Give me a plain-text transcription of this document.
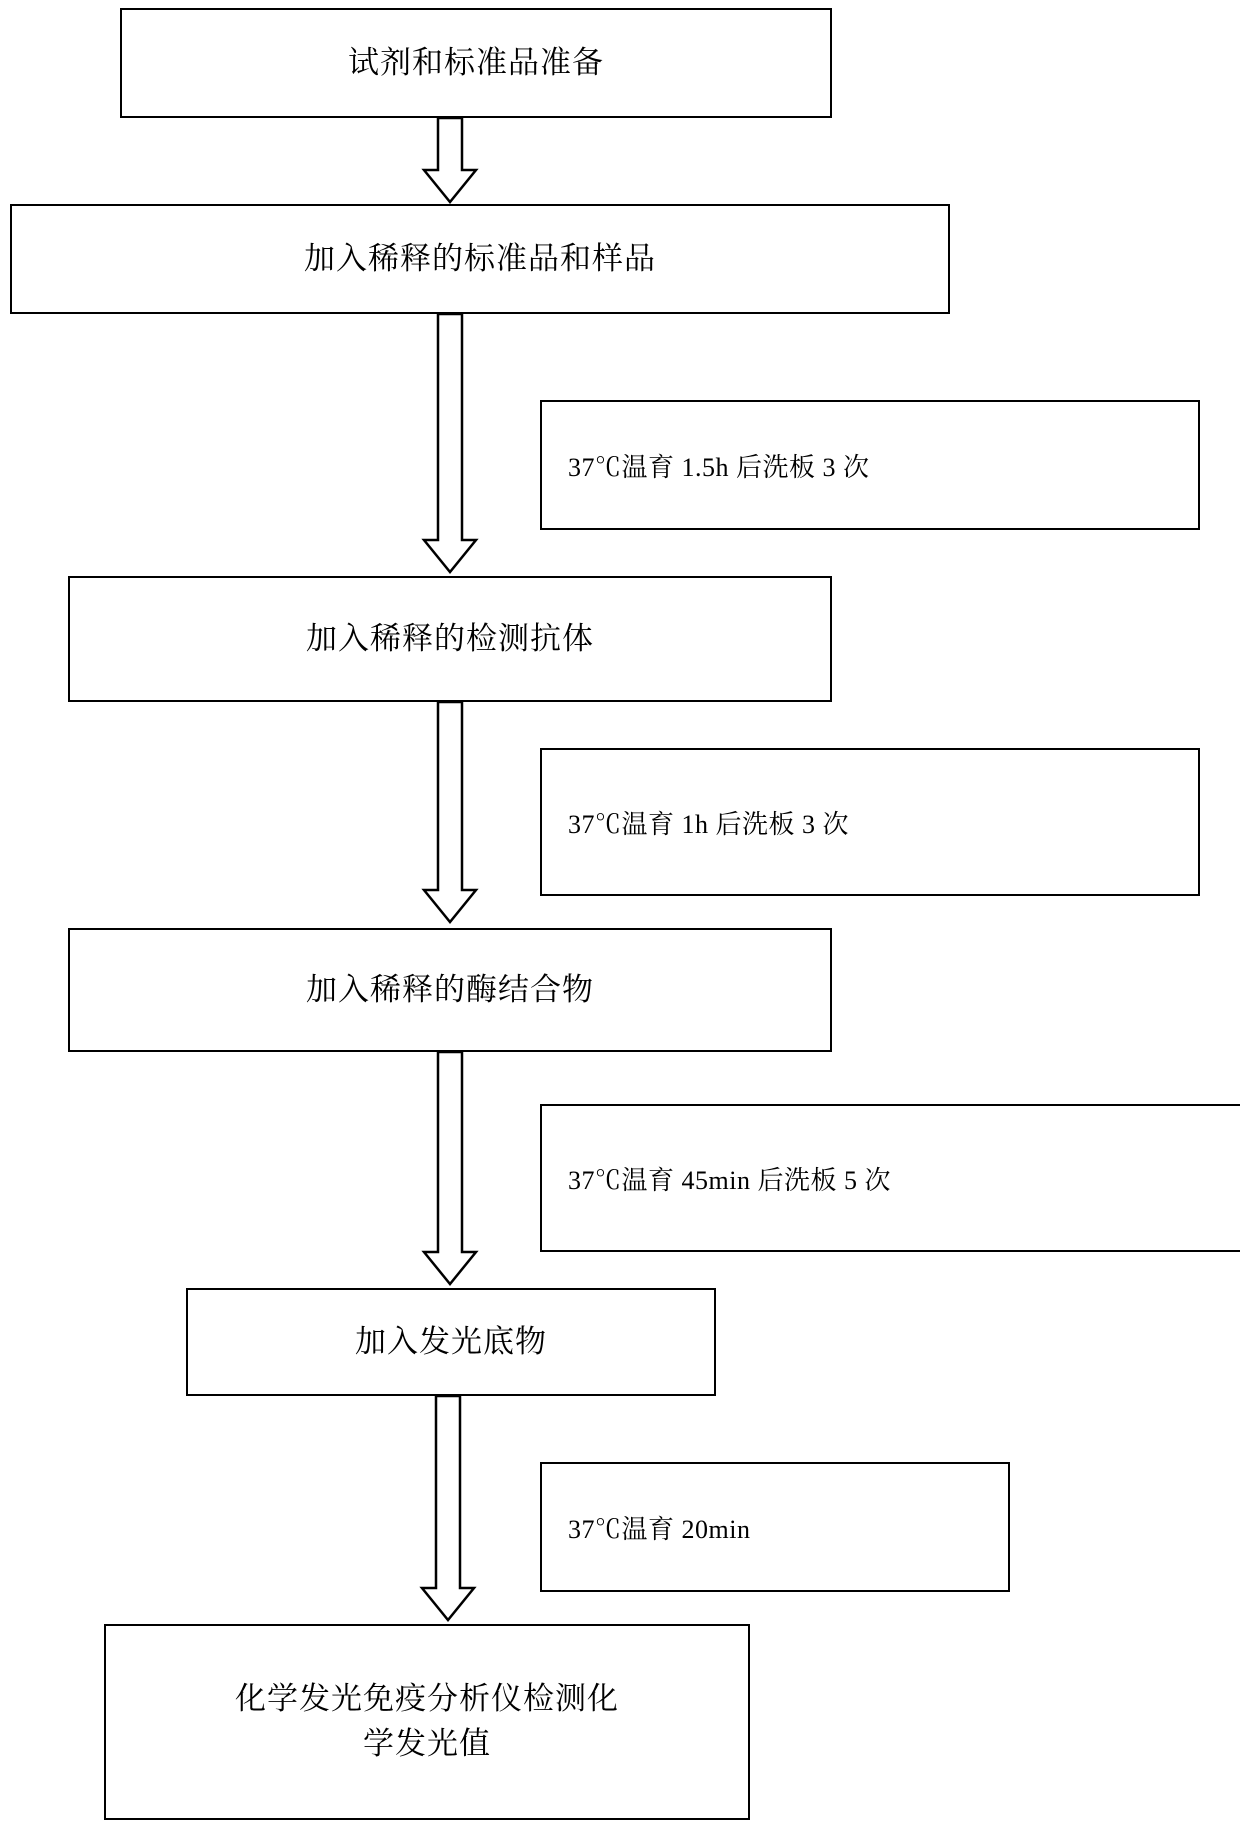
试剂和标准品准备
加入稀释的标准品和样品
37℃温育 1.5h 后洗板 3 次
加入稀释的检测抗体
37℃温育 1h 后洗板 3 次
加入稀释的酶结合物
37℃温育 45min 后洗板 5 次
加入发光底物
37℃温育 20min
化学发光免疫分析仪检测化
学发光值
